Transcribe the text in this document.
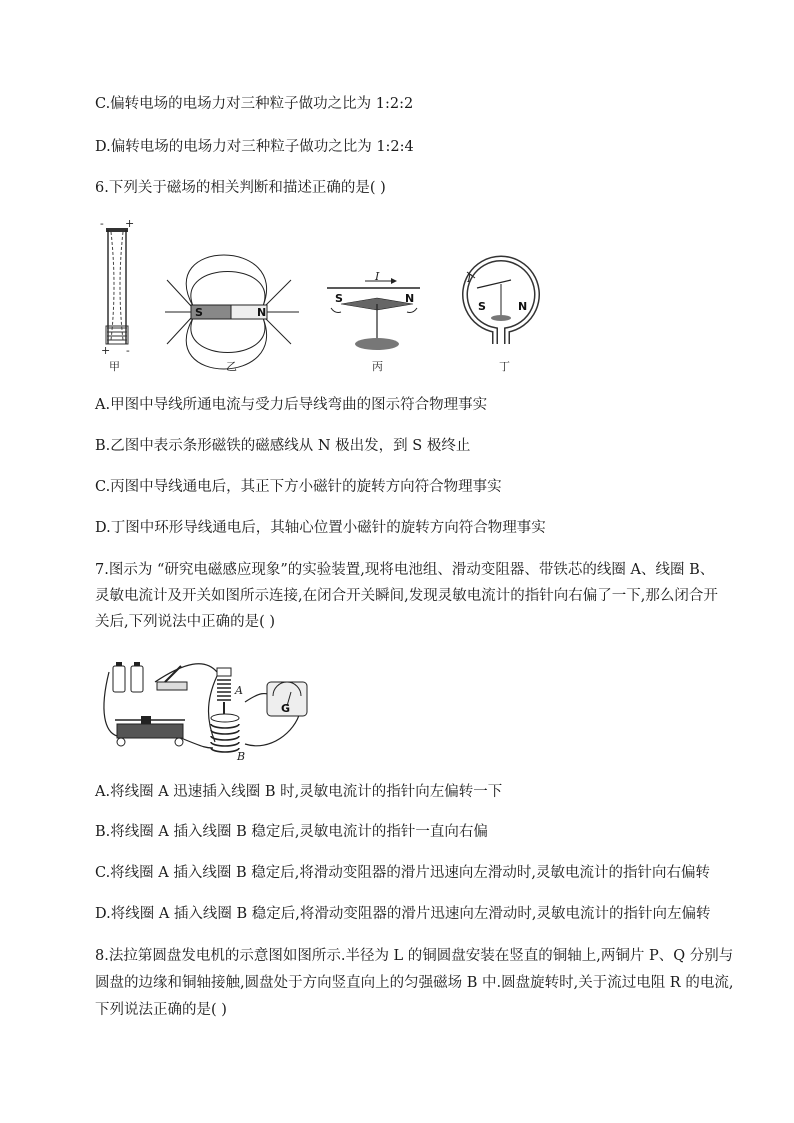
C.偏转电场的电场力对三种粒子做功之比为 1:2:2
D.偏转电场的电场力对三种粒子做功之比为 1:2:4
6.下列关于磁场的相关判断和描述正确的是( )
- +
+ -
甲
S	N
乙
I
S	N
丙
I
S	N
丁
A.甲图中导线所通电流与受力后导线弯曲的图示符合物理事实
B.乙图中表示条形磁铁的磁感线从 N 极出发，到 S 极终止
C.丙图中导线通电后，其正下方小磁针的旋转方向符合物理事实
D.丁图中环形导线通电后，其轴心位置小磁针的旋转方向符合物理事实
7.图示为 “研究电磁感应现象”的实验装置,现将电池组、滑动变阻器、带铁芯的线圈 A、线圈 B、
灵敏电流计及开关如图所示连接,在闭合开关瞬间,发现灵敏电流计的指针向右偏了一下,那么闭合开
关后,下列说法中正确的是( )
A
B
G
A.将线圈 A 迅速插入线圈 B 时,灵敏电流计的指针向左偏转一下
B.将线圈 A 插入线圈 B 稳定后,灵敏电流计的指针一直向右偏
C.将线圈 A 插入线圈 B 稳定后,将滑动变阻器的滑片迅速向左滑动时,灵敏电流计的指针向右偏转
D.将线圈 A 插入线圈 B 稳定后,将滑动变阻器的滑片迅速向左滑动时,灵敏电流计的指针向左偏转
8.法拉第圆盘发电机的示意图如图所示.半径为 L 的铜圆盘安装在竖直的铜轴上,两铜片 P、Q 分别与
圆盘的边缘和铜轴接触,圆盘处于方向竖直向上的匀强磁场 B 中.圆盘旋转时,关于流过电阻 R 的电流,
下列说法正确的是( )
